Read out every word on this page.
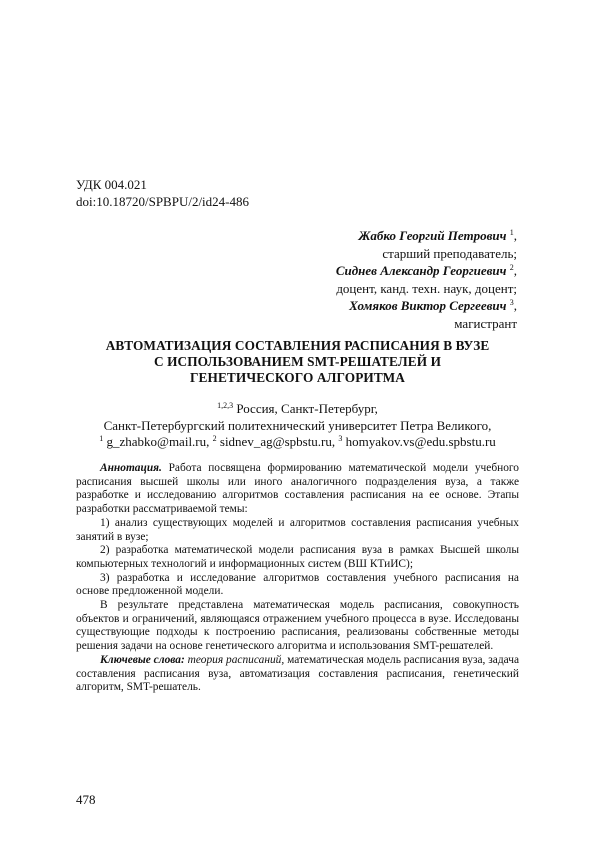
УДК 004.021
doi:10.18720/SPBPU/2/id24-486
Жабко Георгий Петрович $^1$,
старший преподаватель;
Сиднев Александр Георгиевич $^2$,
доцент, канд. техн. наук, доцент;
Хомяков Виктор Сергеевич $^3$,
магистрант
АВТОМАТИЗАЦИЯ СОСТАВЛЕНИЯ РАСПИСАНИЯ В ВУЗЕ
С ИСПОЛЬЗОВАНИЕМ SMT-РЕШАТЕЛЕЙ И
ГЕНЕТИЧЕСКОГО АЛГОРИТМА
$^{1,2,3}$ Россия, Санкт-Петербург,
Санкт-Петербургский политехнический университет Петра Великого,
$^1$ g_zhabko@mail.ru, $^2$ sidnev_ag@spbstu.ru, $^3$ homyakov.vs@edu.spbstu.ru

Аннотация. Работа посвящена формированию математической модели учебного расписания высшей школы или иного аналогичного подразделения вуза, а также разработке и исследованию алгоритмов составления расписания на ее основе. Этапы разработки рассматриваемой темы:

1) анализ существующих моделей и алгоритмов составления расписания учебных занятий в вузе;

2) разработка математической модели расписания вуза в рамках Высшей школы компьютерных технологий и информационных систем (ВШ КТиИС);

3) разработка и исследование алгоритмов составления учебного расписания на основе предложенной модели.

В результате представлена математическая модель расписания, совокупность объектов и ограничений, являющаяся отражением учебного процесса в вузе. Исследованы существующие подходы к построению расписания, реализованы собственные методы решения задачи на основе генетического алгоритма и использования SMT-решателей.

Ключевые слова: теория расписаний, математическая модель расписания вуза, задача составления расписания вуза, автоматизация составления расписания, генетический алгоритм, SMT-решатель.

478
